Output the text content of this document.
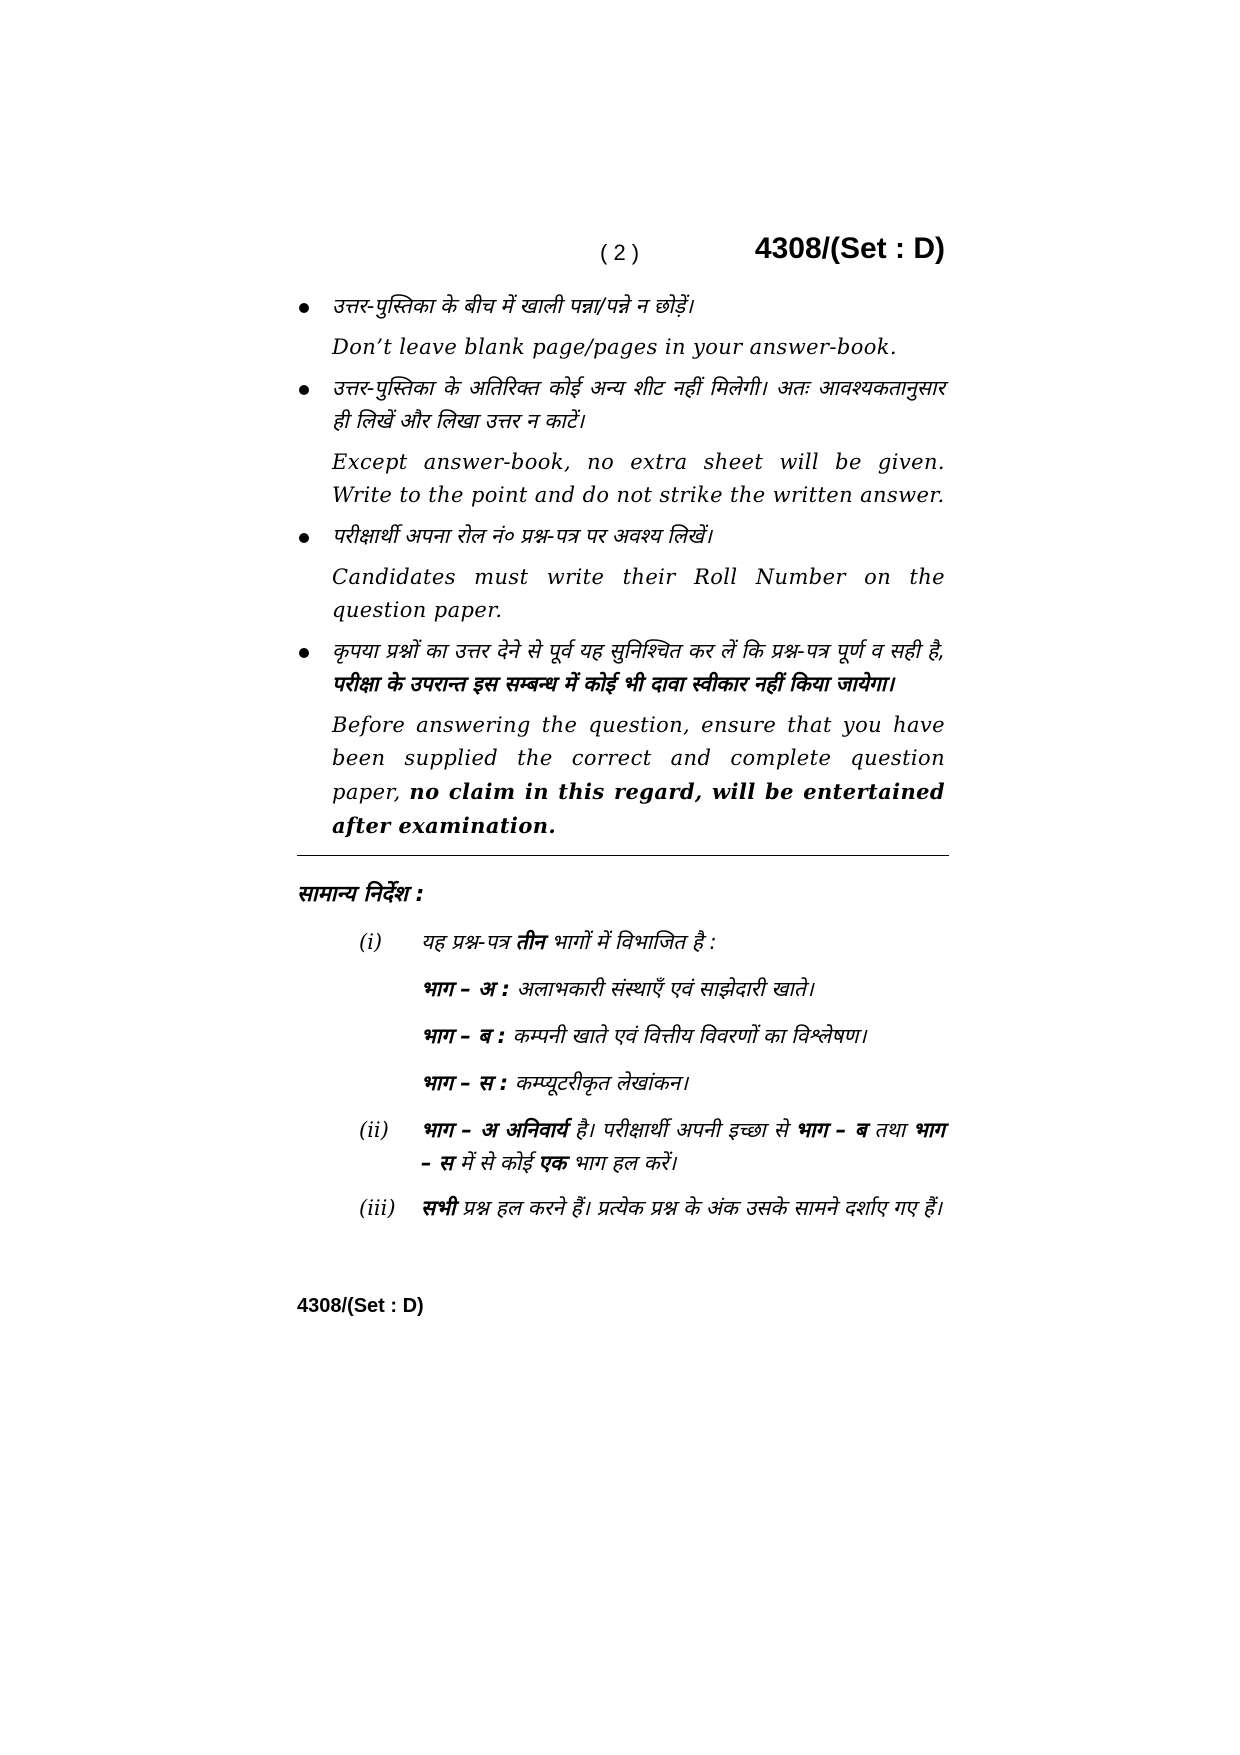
( 2 )	4308/(Set : D)
उत्तर-पुस्तिका के बीच में खाली पन्ना/पन्ने न छोड़ें।
Don’t leave blank page/pages in your answer-book.
उत्तर-पुस्तिका के अतिरिक्त कोई अन्य शीट नहीं मिलेगी। अतः आवश्यकतानुसार ही लिखें और लिखा उत्तर न काटें।
Except answer-book, no extra sheet will be given. Write to the point and do not strike the written answer.
परीक्षार्थी अपना रोल नं० प्रश्न-पत्र पर अवश्य लिखें।
Candidates must write their Roll Number on the question paper.
कृपया प्रश्नों का उत्तर देने से पूर्व यह सुनिश्चित कर लें कि प्रश्न-पत्र पूर्ण व सही है, परीक्षा के उपरान्त इस सम्बन्ध में कोई भी दावा स्वीकार नहीं किया जायेगा।
Before answering the question, ensure that you have been supplied the correct and complete question paper, no claim in this regard, will be entertained after examination.
सामान्य निर्देश :
(i) यह प्रश्न-पत्र तीन भागों में विभाजित है :
भाग – अ : अलाभकारी संस्थाएँ एवं साझेदारी खाते।
भाग – ब : कम्पनी खाते एवं वित्तीय विवरणों का विश्लेषण।
भाग – स : कम्प्यूटरीकृत लेखांकन।
(ii) भाग – अ अनिवार्य है। परीक्षार्थी अपनी इच्छा से भाग – ब तथा भाग – स में से कोई एक भाग हल करें।
(iii) सभी प्रश्न हल करने हैं। प्रत्येक प्रश्न के अंक उसके सामने दर्शाए गए हैं।
4308/(Set : D)
